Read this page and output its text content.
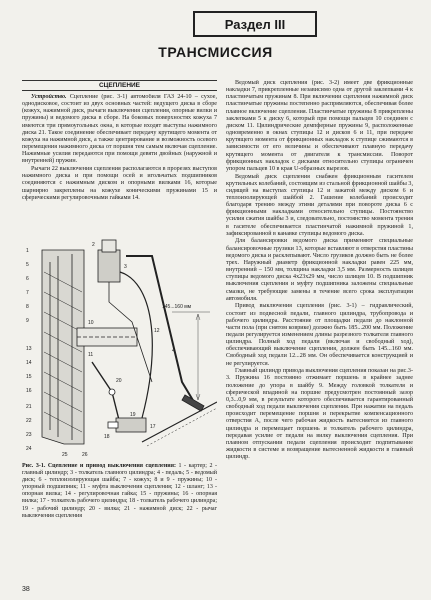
Раздел III
ТРАНСМИССИЯ
СЦЕПЛЕНИЕ

Устройство. Сцепление (рис. 3-1) автомобиля ГАЗ 24-10 – сухое, однодисковое, состоит из двух основных частей: ведущего диска в сборе (кожух, нажимной диск, рычаги выключения сцепления, опорные вилки и пружины) и ведомого диска в сборе. На боковых поверхностях кожуха 7 имеются три прямоугольных окна, в которые входят выступы нажимного диска 21. Такое соединение обеспечивает передачу крутящего момента от кожуха на нажимной диск, а также центрирование и возможность осевого перемещения нажимного диска от поршня тем самым включая сцепление. Нажимные усилия передаются при помощи девяти двойных (наружной и внутренней) пружин.

Рычаги 22 выключения сцепления располагаются в прорезях выступов нажимного диска и при помощи осей и игольчатых подшипников соединяются с нажимным диском и опорными вилками 16, которые шарнирно закреплены на кожухе коническими пружинами 15 и сферическими регулировочными гайками 14.

145...160 мм
1
2
3
4
5
6
7
8
9	10
11
12
13
14
15
16
17
18
19
20
21
22
23
24
25	26
Рис. 3-1. Сцепление и привод выключения сцепления: 1 - картер; 2 - главный цилиндр; 3 - толкатель главного цилиндра; 4 - педаль; 5 - ведомый диск; 6 - теплоизолирующая шайба; 7 - кожух; 8 и 9 - пружины; 10 - упорный подшипник; 11 - муфта выключения сцепления; 12 - шланг; 13 - опорная вилка; 14 - регулировочная гайка; 15 - пружины; 16 - опорная вилка; 17 - толкатель рабочего цилиндра; 18 - толкатель рабочего цилиндра; 19 - рабочий цилиндр; 20 - вилка; 21 - нажимной диск; 22 - рычаг выключения сцепления

Ведомый диск сцепления (рис. 3-2) имеет две фрикционные накладки 7, прикрепленные независимо одна от другой заклепками 4 к пластинчатым пружинам 8. При включении сцепления нажимной диск пластинчатые пружины постепенно распрямляются, обеспечивая более плавное включение сцепления. Пластинчатые пружины 8 прикреплены заклепками 5 к диску 6, который при помощи пальцев 10 соединен с диском 11. Цилиндрические демпферные пружины 9, расположенные одновременно в окнах ступицы 12 и дисков 6 и 11, при передаче крутящего момента от фрикционных накладок к ступице сжимаются в зависимости от его величины и обеспечивают плавную передачу крутящего момента от двигателя к трансмиссии. Поворот фрикционных накладок с дисками относительно ступицы ограничен упором пальцев 10 в края U-образных вырезов.

Ведомый диск сцепления снабжен фрикционным гасителем крутильных колебаний, состоящим из стальной фрикционной шайбы 3, сидящей на выступах ступицы 12 и зажатой между диском 6 и теплоизолирующей шайбой 2. Гашение колебаний происходит благодаря трению между этими деталями при повороте диска 6 с фрикционными накладками относительно ступицы. Постоянство усилия сжатия шайбы 3 и, следовательно, постоянство момента трения в гасителе обеспечивается пластинчатой нажимной пружиной 1, зафиксированной в канавке ступицы ведомого диска.

Для балансировки ведомого диска применяют специальные балансировочные грузики 13, которые вставляют в отверстия пластины ведомого диска и расклепывают. Число грузиков должно быть не более трех. Наружный диаметр фрикционной накладки равен 225 мм, внутренний – 150 мм, толщина накладки 3,5 мм. Размерность шлицев ступицы ведомого диска 4x23x29 мм, число шлицев 10. В подшипник выключения сцепления и муфту подшипника заложены специальные смазки, не требующие замены в течение всего срока эксплуатации автомобиля.

Привод выключения сцепления (рис. 3-1) – гидравлический, состоит из подвесной педали, главного цилиндра, трубопровода и рабочего цилиндра. Расстояние от площадки педали до наклонной части пола (при снятом коврике) должно быть 185...200 мм. Положение педали регулируется изменением длины разрезного толкателя главного цилиндра. Полный ход педали (включая и свободный ход), обеспечивающий выключение сцепления, должен быть 145...160 мм. Свободный ход педали 12...28 мм. Он обеспечивается конструкцией и не регулируется.

Главный цилиндр привода выключения сцепления показан на рис.3-3. Пружина 16 постоянно отжимает поршень в крайнее заднее положение до упора в шайбу 9. Между головкой толкателя и сферической впадиной на поршне предусмотрен постоянный зазор 0,3...0,9 мм, в результате которого обеспечивается гарантированный свободный ход педали выключения сцепления. При нажатии на педаль происходит перемещение поршня и перекрытие компенсационного отверстия А, после чего рабочая жидкость вытесняется из главного цилиндра и перемещает поршень и толкатель рабочего цилиндра, передавая усилие от педали на вилку выключения сцепления. При плавном отпускании педали сцепления происходит подпитывание жидкости в системе и возвращение вытесненной жидкости в главный цилиндр.

38
